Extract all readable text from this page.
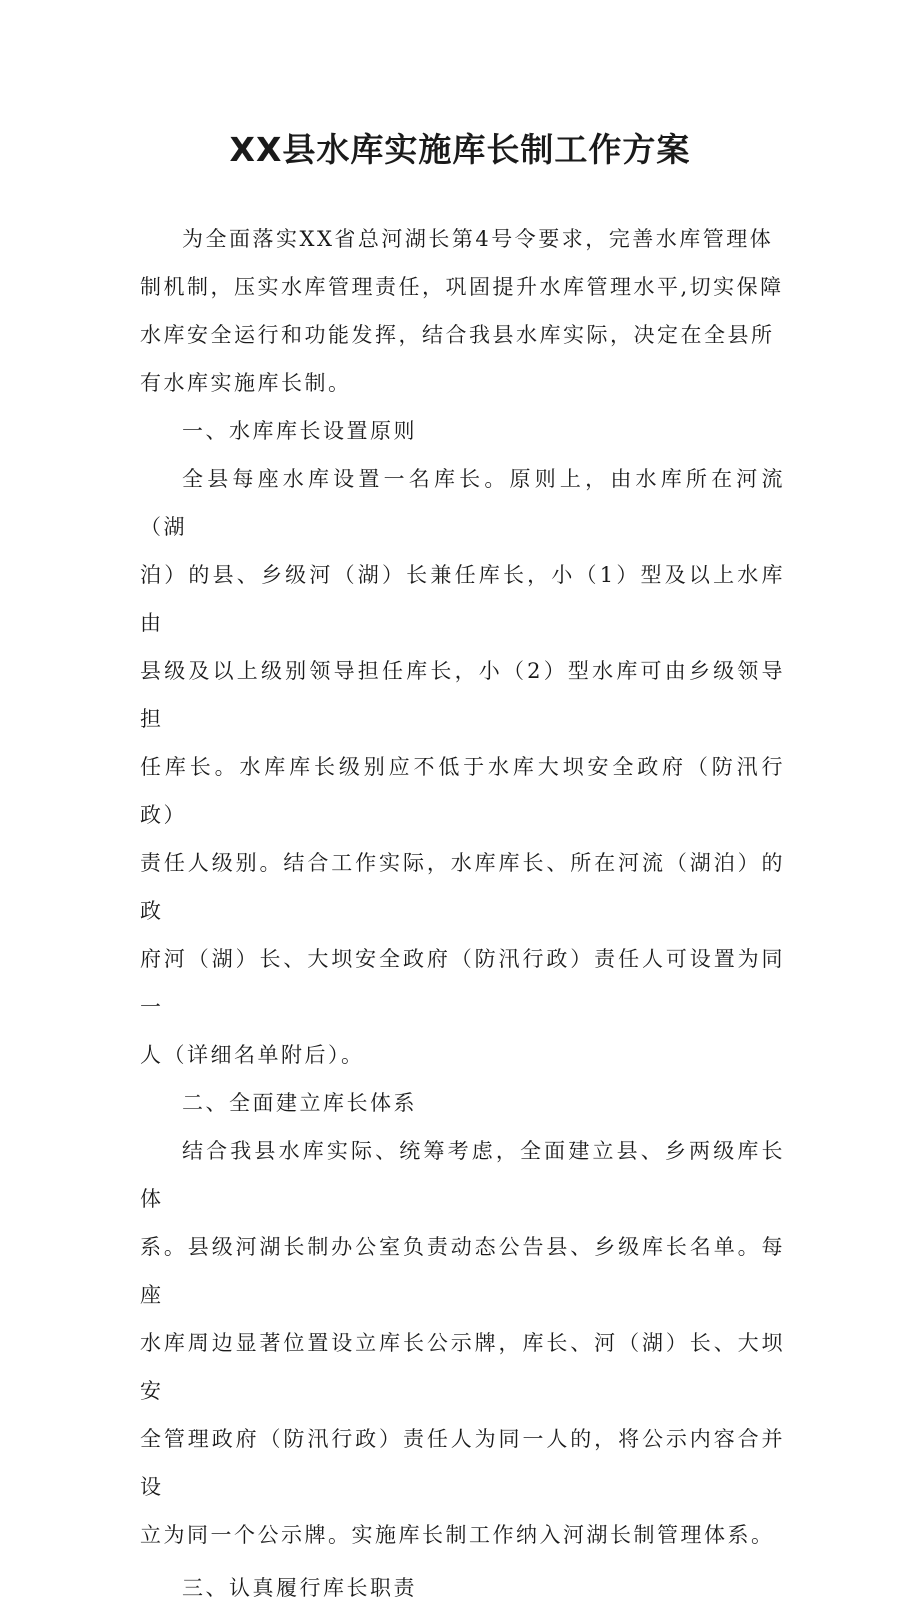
XX县水库实施库长制工作方案

为全面落实XX省总河湖长第4号令要求，完善水库管理体
制机制，压实水库管理责任，巩固提升水库管理水平,切实保障
水库安全运行和功能发挥，结合我县水库实际，决定在全县所
有水库实施库长制。

一、水库库长设置原则

全县每座水库设置一名库长。原则上，由水库所在河流（湖
泊）的县、乡级河（湖）长兼任库长，小（1）型及以上水库由
县级及以上级别领导担任库长，小（2）型水库可由乡级领导担
任库长。水库库长级别应不低于水库大坝安全政府（防汛行政）
责任人级别。结合工作实际，水库库长、所在河流（湖泊）的政
府河（湖）长、大坝安全政府（防汛行政）责任人可设置为同一
人（详细名单附后）。

二、全面建立库长体系

结合我县水库实际、统筹考虑，全面建立县、乡两级库长体
系。县级河湖长制办公室负责动态公告县、乡级库长名单。每座
水库周边显著位置设立库长公示牌，库长、河（湖）长、大坝安
全管理政府（防汛行政）责任人为同一人的，将公示内容合并设
立为同一个公示牌。实施库长制工作纳入河湖长制管理体系。

三、认真履行库长职责
